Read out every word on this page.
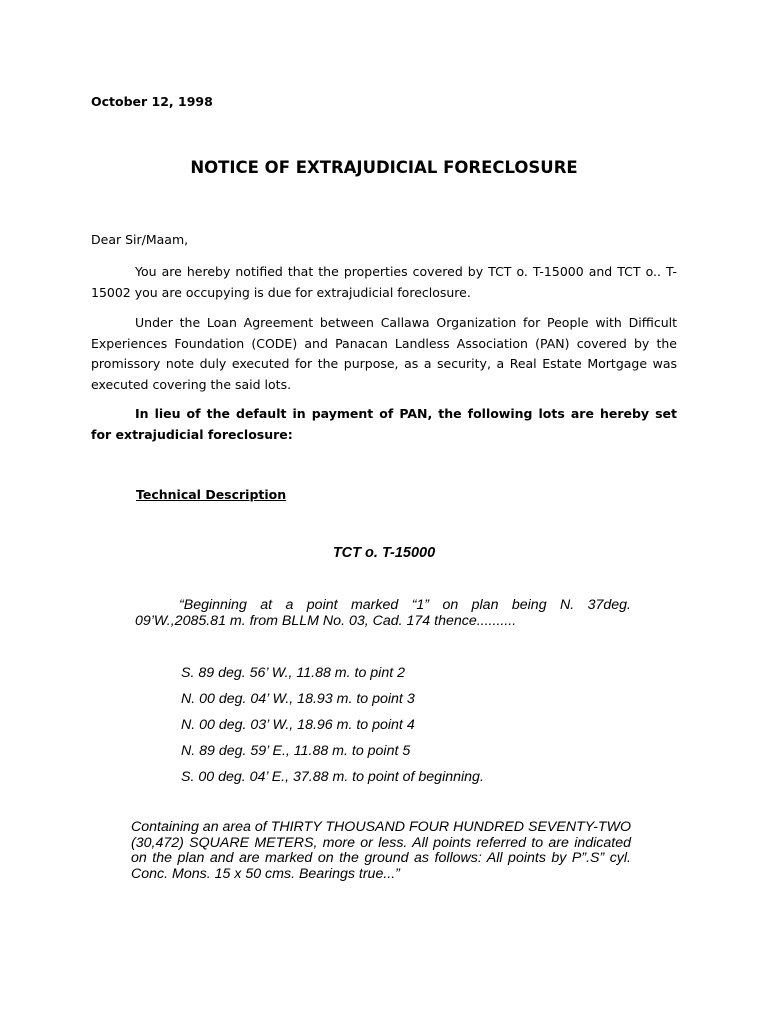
October 12, 1998

NOTICE OF EXTRAJUDICIAL FORECLOSURE

Dear Sir/Maam,

You are hereby notified that the properties covered by TCT o. T-15000 and TCT o.. T-15002 you are occupying is due for extrajudicial foreclosure.

Under the Loan Agreement between Callawa Organization for People with Difficult Experiences Foundation (CODE) and Panacan Landless Association (PAN) covered by the promissory note duly executed for the purpose, as a security, a Real Estate Mortgage was executed covering the said lots.

In lieu of the default in payment of PAN, the following lots are hereby set for extrajudicial foreclosure:

Technical Description

TCT o. T-15000

“Beginning at a point marked “1” on plan being N. 37deg. 09’W.,2085.81 m. from BLLM No. 03, Cad. 174 thence..........

S. 89 deg. 56’ W., 11.88 m. to pint 2

N. 00 deg. 04’ W., 18.93 m. to point 3

N. 00 deg. 03’ W., 18.96 m. to point 4

N. 89 deg. 59’ E., 11.88 m. to point 5

S. 00 deg. 04’ E., 37.88 m. to point of beginning.

Containing an area of THIRTY THOUSAND FOUR HUNDRED SEVENTY-TWO (30,472) SQUARE METERS, more or less. All points referred to are indicated on the plan and are marked on the ground as follows: All points by P”.S” cyl. Conc. Mons. 15 x 50 cms. Bearings true...”
